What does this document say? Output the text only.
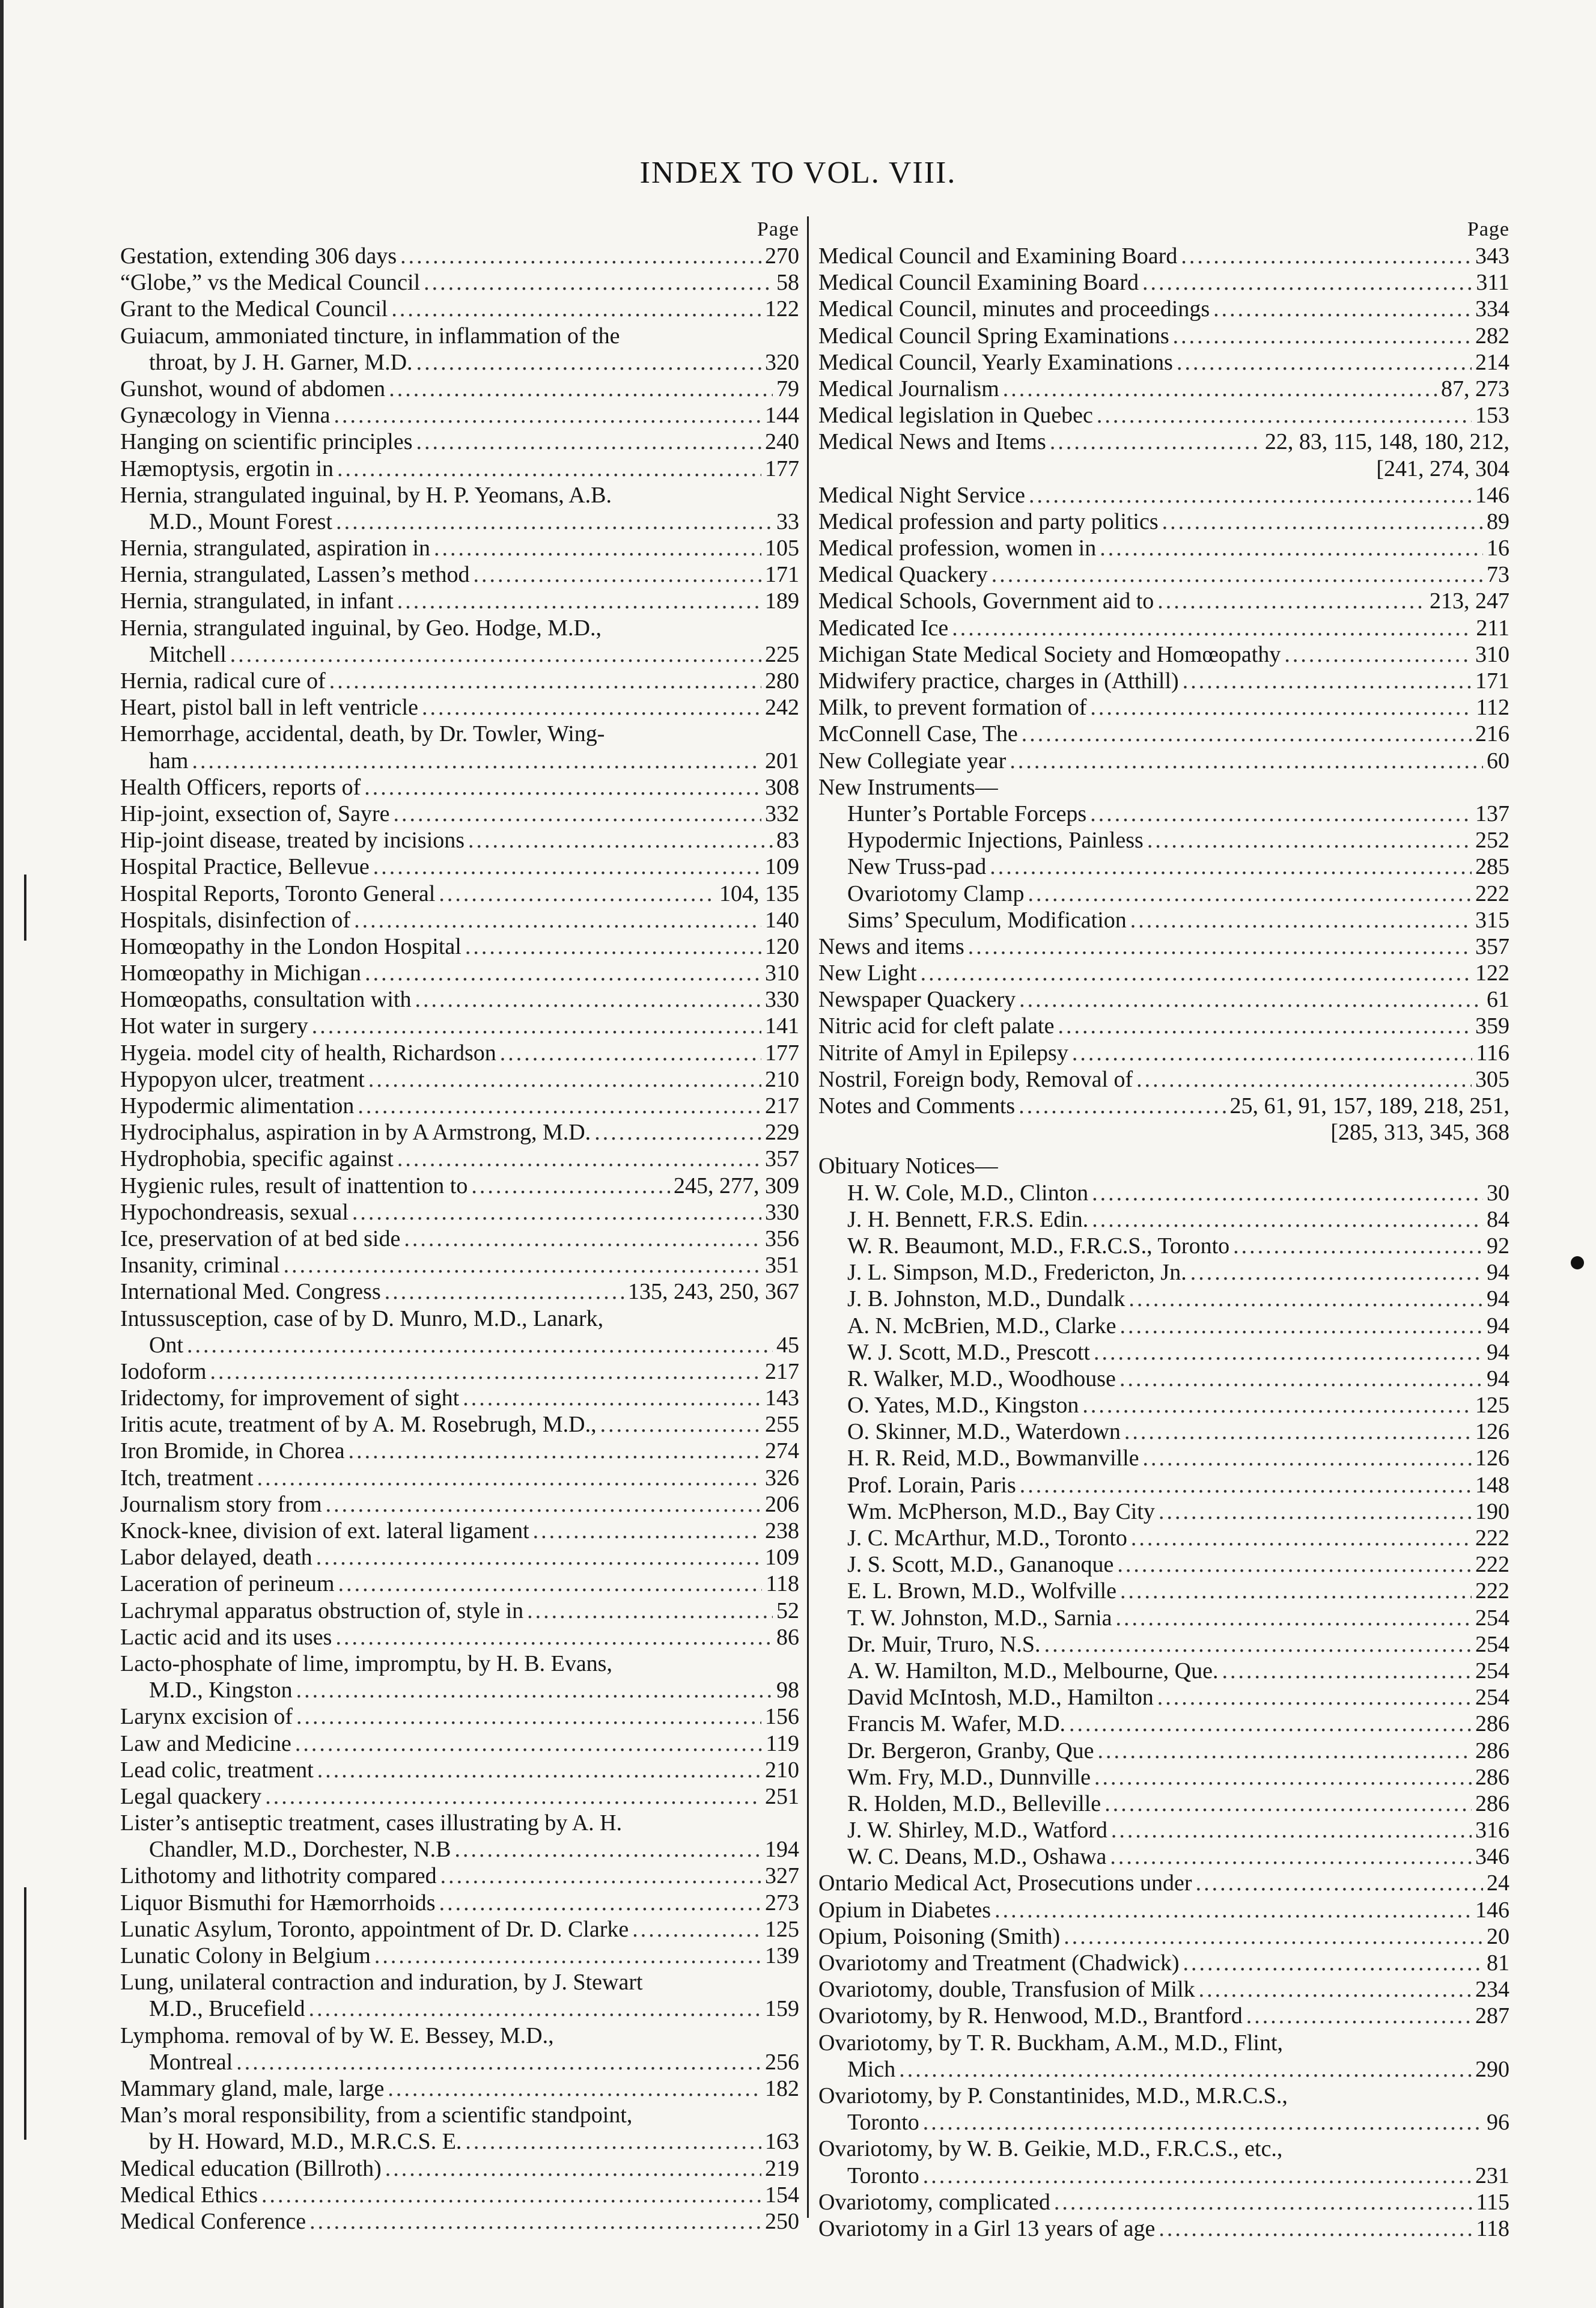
INDEX TO VOL. VIII.
Page
Gestation, extending 306 days .....	270
“Globe,” vs the Medical Council .....	58
Grant to the Medical Council .....	122
Guiacum, ammoniated tincture, in inflammation of the
throat, by J. H. Garner, M.D. .....	320
Gunshot, wound of abdomen .....	79
Gynæcology in Vienna .....	144
Hanging on scientific principles .....	240
Hæmoptysis, ergotin in .....	177
Hernia, strangulated inguinal, by H. P. Yeomans, A.B.
M.D., Mount Forest .....	33
Hernia, strangulated, aspiration in .....	105
Hernia, strangulated, Lassen’s method .....	171
Hernia, strangulated, in infant .....	189
Hernia, strangulated inguinal, by Geo. Hodge, M.D.,
Mitchell .....	225
Hernia, radical cure of .....	280
Heart, pistol ball in left ventricle .....	242
Hemorrhage, accidental, death, by Dr. Towler, Wing-
ham .....	201
Health Officers, reports of .....	308
Hip-joint, exsection of, Sayre .....	332
Hip-joint disease, treated by incisions .....	83
Hospital Practice, Bellevue .....	109
Hospital Reports, Toronto General .....	104, 135
Hospitals, disinfection of .....	140
Homœopathy in the London Hospital .....	120
Homœopathy in Michigan .....	310
Homœopaths, consultation with .....	330
Hot water in surgery .....	141
Hygeia. model city of health, Richardson .....	177
Hypopyon ulcer, treatment .....	210
Hypodermic alimentation .....	217
Hydrociphalus, aspiration in by A Armstrong, M.D. .....	229
Hydrophobia, specific against .....	357
Hygienic rules, result of inattention to .....	245, 277, 309
Hypochondreasis, sexual .....	330
Ice, preservation of at bed side .....	356
Insanity, criminal .....	351
International Med. Congress .....	135, 243, 250, 367
Intussusception, case of by D. Munro, M.D., Lanark,
Ont .....	45
Iodoform .....	217
Iridectomy, for improvement of sight .....	143
Iritis acute, treatment of by A. M. Rosebrugh, M.D., .....	255
Iron Bromide, in Chorea .....	274
Itch, treatment .....	326
Journalism story from .....	206
Knock-knee, division of ext. lateral ligament .....	238
Labor delayed, death .....	109
Laceration of perineum .....	118
Lachrymal apparatus obstruction of, style in .....	52
Lactic acid and its uses .....	86
Lacto-phosphate of lime, impromptu, by H. B. Evans,
M.D., Kingston .....	98
Larynx excision of .....	156
Law and Medicine .....	119
Lead colic, treatment .....	210
Legal quackery .....	251
Lister’s antiseptic treatment, cases illustrating by A. H.
Chandler, M.D., Dorchester, N.B .....	194
Lithotomy and lithotrity compared .....	327
Liquor Bismuthi for Hæmorrhoids .....	273
Lunatic Asylum, Toronto, appointment of Dr. D. Clarke .....	125
Lunatic Colony in Belgium .....	139
Lung, unilateral contraction and induration, by J. Stewart
M.D., Brucefield .....	159
Lymphoma. removal of by W. E. Bessey, M.D.,
Montreal .....	256
Mammary gland, male, large .....	182
Man’s moral responsibility, from a scientific standpoint,
by H. Howard, M.D., M.R.C.S. E. .....	163
Medical education (Billroth) .....	219
Medical Ethics .....	154
Medical Conference .....	250
Page
Medical Council and Examining Board .....	343
Medical Council Examining Board .....	311
Medical Council, minutes and proceedings .....	334
Medical Council Spring Examinations .....	282
Medical Council, Yearly Examinations .....	214
Medical Journalism .....	87, 273
Medical legislation in Quebec .....	153
Medical News and Items .....	22, 83, 115, 148, 180, 212,
[241, 274, 304
Medical Night Service .....	146
Medical profession and party politics .....	89
Medical profession, women in .....	16
Medical Quackery .....	73
Medical Schools, Government aid to .....	213, 247
Medicated Ice .....	211
Michigan State Medical Society and Homœopathy .....	310
Midwifery practice, charges in (Atthill) .....	171
Milk, to prevent formation of .....	112
McConnell Case, The .....	216
New Collegiate year .....	60
New Instruments—
Hunter’s Portable Forceps .....	137
Hypodermic Injections, Painless .....	252
New Truss-pad .....	285
Ovariotomy Clamp .....	222
Sims’ Speculum, Modification .....	315
News and items .....	357
New Light .....	122
Newspaper Quackery .....	61
Nitric acid for cleft palate .....	359
Nitrite of Amyl in Epilepsy .....	116
Nostril, Foreign body, Removal of .....	305
Notes and Comments .....	25, 61, 91, 157, 189, 218, 251,
[285, 313, 345, 368
Obituary Notices—
H. W. Cole, M.D., Clinton .....	30
J. H. Bennett, F.R.S. Edin. .....	84
W. R. Beaumont, M.D., F.R.C.S., Toronto .....	92
J. L. Simpson, M.D., Fredericton, Jn. .....	94
J. B. Johnston, M.D., Dundalk .....	94
A. N. McBrien, M.D., Clarke .....	94
W. J. Scott, M.D., Prescott .....	94
R. Walker, M.D., Woodhouse .....	94
O. Yates, M.D., Kingston .....	125
O. Skinner, M.D., Waterdown .....	126
H. R. Reid, M.D., Bowmanville .....	126
Prof. Lorain, Paris .....	148
Wm. McPherson, M.D., Bay City .....	190
J. C. McArthur, M.D., Toronto .....	222
J. S. Scott, M.D., Gananoque .....	222
E. L. Brown, M.D., Wolfville .....	222
T. W. Johnston, M.D., Sarnia .....	254
Dr. Muir, Truro, N.S. .....	254
A. W. Hamilton, M.D., Melbourne, Que. .....	254
David McIntosh, M.D., Hamilton .....	254
Francis M. Wafer, M.D. .....	286
Dr. Bergeron, Granby, Que .....	286
Wm. Fry, M.D., Dunnville .....	286
R. Holden, M.D., Belleville .....	286
J. W. Shirley, M.D., Watford .....	316
W. C. Deans, M.D., Oshawa .....	346
Ontario Medical Act, Prosecutions under .....	24
Opium in Diabetes .....	146
Opium, Poisoning (Smith) .....	20
Ovariotomy and Treatment (Chadwick) .....	81
Ovariotomy, double, Transfusion of Milk .....	234
Ovariotomy, by R. Henwood, M.D., Brantford .....	287
Ovariotomy, by T. R. Buckham, A.M., M.D., Flint,
Mich .....	290
Ovariotomy, by P. Constantinides, M.D., M.R.C.S.,
Toronto .....	96
Ovariotomy, by W. B. Geikie, M.D., F.R.C.S., etc.,
Toronto .....	231
Ovariotomy, complicated .....	115
Ovariotomy in a Girl 13 years of age .....	118
